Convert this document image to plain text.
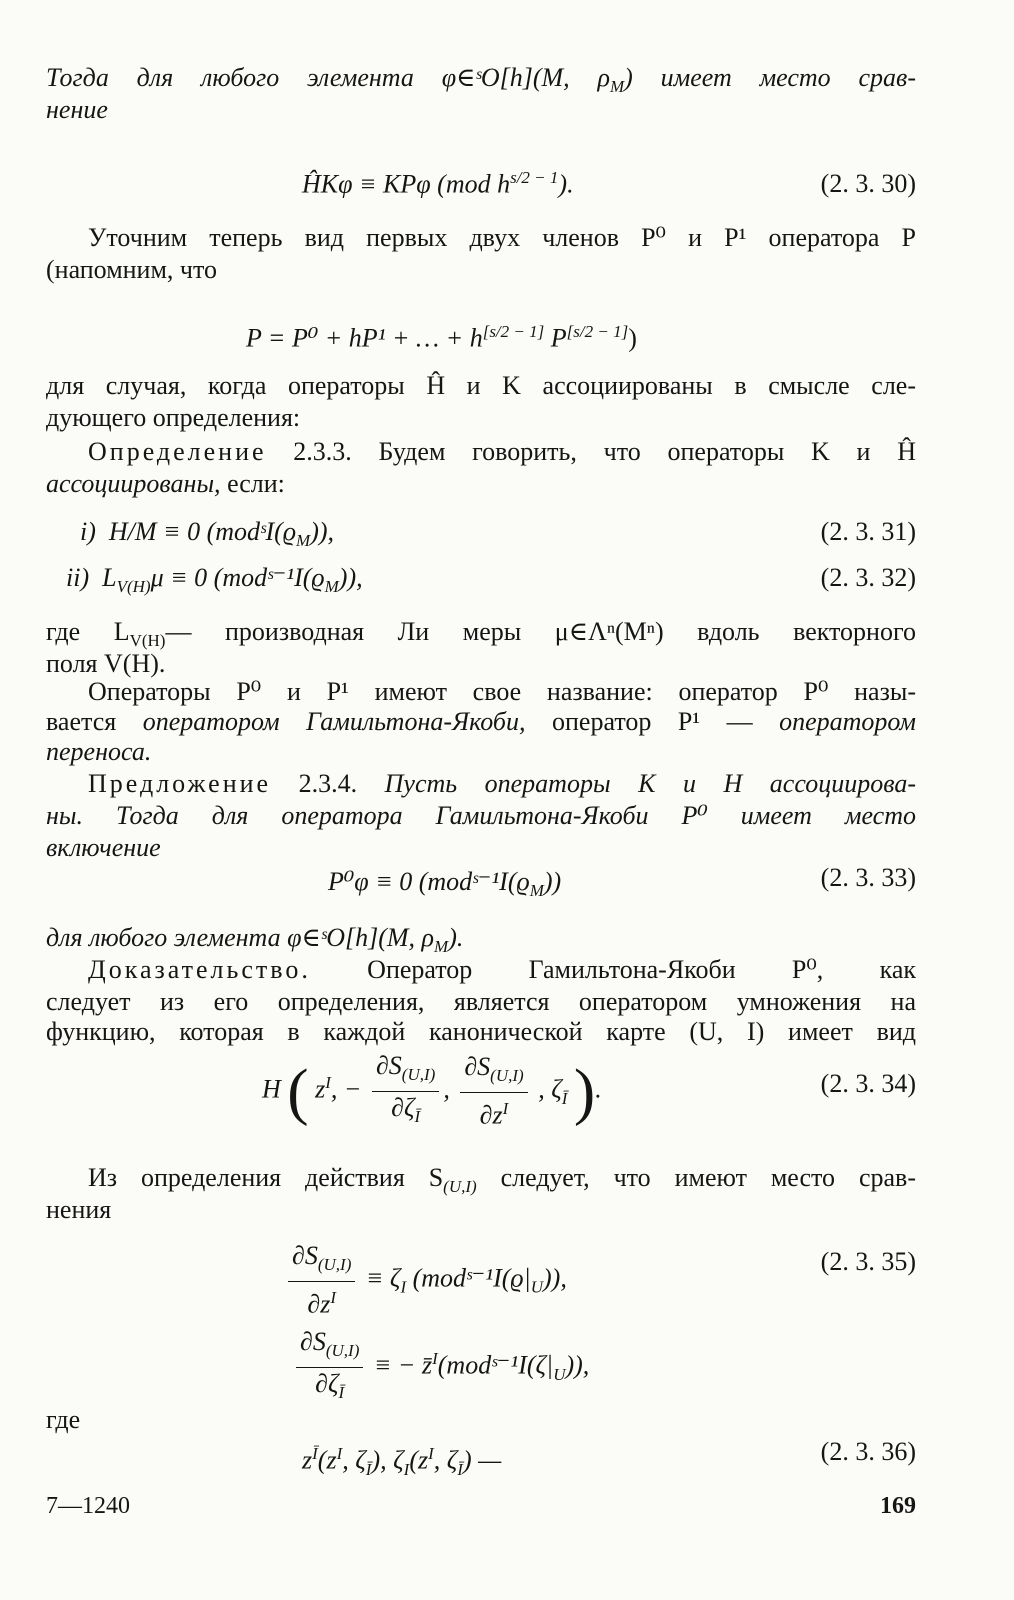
Тогда для любого элемента φ∈ˢO[h](M, $\rho_M$) имеет место срав-
нение
ĤKφ ≡ KPφ (mod $h^{s/2 - 1}$).	(2. 3. 30)
Уточним теперь вид первых двух членов P⁰ и P¹ оператора P
(напомним, что
P = P⁰ + hP¹ + … + h[s/2 − 1] P[s/2 − 1])
для случая, когда операторы Ĥ и K ассоциированы в смысле сле-
дующего определения:
Определение 2.3.3. Будем говорить, что операторы K и Ĥ
ассоциированы, если:
i) H/M ≡ 0 $(modˢI(ϱ_M))$,	(2. 3. 31)
ii) $L_{V(H)}\mu \equiv 0$ $(modˢ^{-1}I(ϱ_M))$,	(2. 3. 32)
где $L_{V(H)}—$ производная Ли меры μ∈Λⁿ(Mⁿ) вдоль векторного
поля V(H).
Операторы P⁰ и P¹ имеют свое название: оператор P⁰ назы-
вается оператором Гамильтона-Якоби, оператор P¹ — оператором
переноса.
Предложение 2.3.4. Пусть операторы K и H ассоциирова-
ны. Тогда для оператора Гамильтона-Якоби P⁰ имеет место
включение
P⁰φ ≡ 0 $(modˢ^{-1}I(ϱ_M))$	(2. 3. 33)
для любого элемента φ∈ˢO[h](M, $\rho_M$).
Доказательство. Оператор Гамильтона-Якоби P⁰, как
следует из его определения, является оператором умножения на
функцию, которая в каждой канонической карте (U, I) имеет вид
H ( $z^I$, − $\frac{\partial S_{(U,I)}}{\partial\zeta_Ī}$ , $\frac{\partial S_{(U,I)}}{\partial z^I}$ , $\zeta_Ī$ ).	(2. 3. 34)
Из определения действия $S_{(U,I)}$ следует, что имеют место срав-
нения
$\frac{\partial S_{(U,I)}}{\partial z^I} \equiv \zeta_I$ $(modˢ^{-1}I(ϱ|_U))$,
(2. 3. 35)
$\frac{\partial S_{(U,I)}}{\partial\zeta_Ī}$ ≡ − $z̄^I(modˢ^{-1}I(\zeta|_U))$,
где
$z^Ī(z^I$, $\zeta_Ī$), $\zeta_I(z^I$, $\zeta_Ī$) —	(2. 3. 36)
7—1240	169
